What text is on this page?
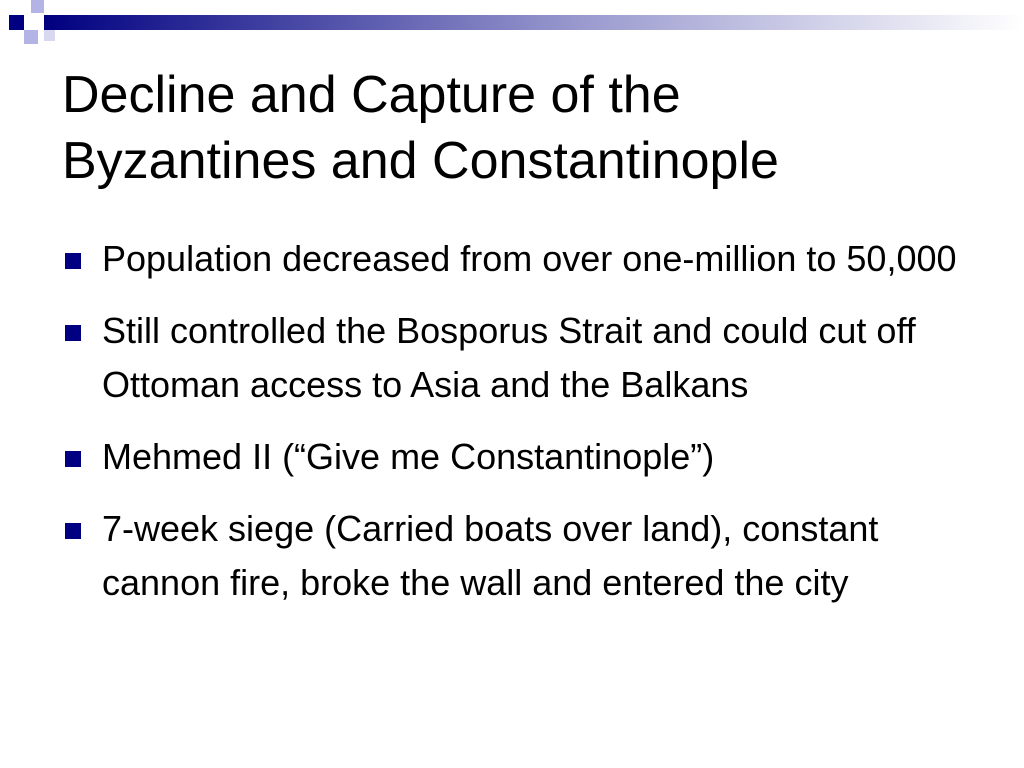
Decline and Capture of the
Byzantines and Constantinople
Population decreased from over one-million to 50,000
Still controlled the Bosporus Strait and could cut off Ottoman access to Asia and the Balkans
Mehmed II (“Give me Constantinople”)
7-week siege (Carried boats over land), constant cannon fire, broke the wall and entered the city
